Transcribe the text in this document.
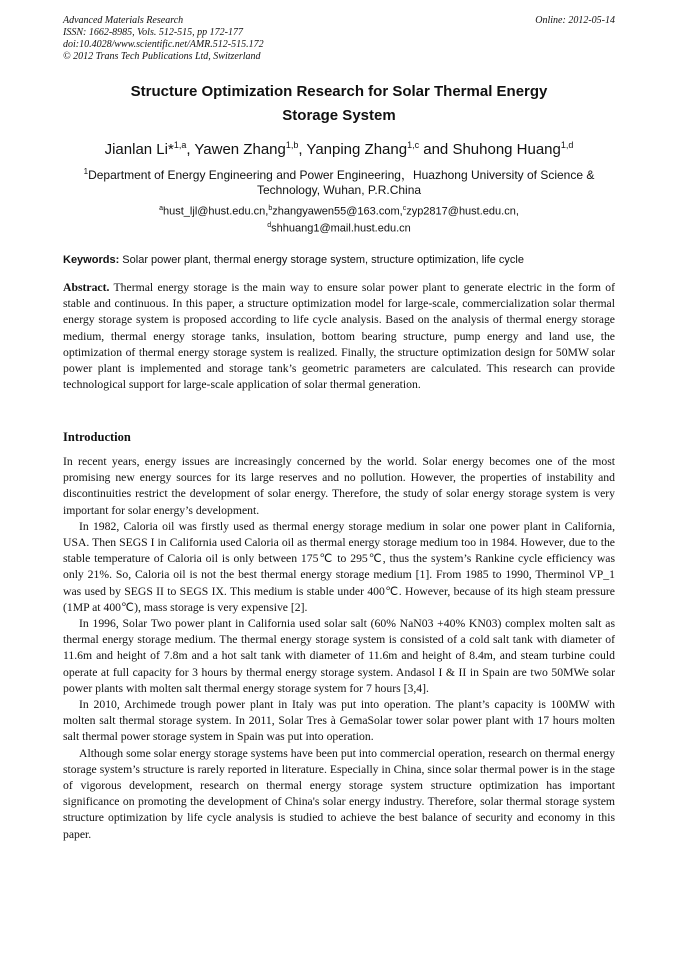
Advanced Materials Research
ISSN: 1662-8985, Vols. 512-515, pp 172-177
doi:10.4028/www.scientific.net/AMR.512-515.172
© 2012 Trans Tech Publications Ltd, Switzerland
Online: 2012-05-14
Structure Optimization Research for Solar Thermal Energy
Storage System
Jianlan Li*$^{1,a}$, Yawen Zhang$^{1,b}$, Yanping Zhang$^{1,c}$ and Shuhong Huang$^{1,d}$
$^1$Department of Energy Engineering and Power Engineering，Huazhong University of Science & Technology, Wuhan, P.R.China
$^a$hust_ljl@hust.edu.cn,$^b$zhangyawen55@163.com,$^c$zyp2817@hust.edu.cn,
$^d$shhuang1@mail.hust.edu.cn
Keywords: Solar power plant, thermal energy storage system, structure optimization, life cycle
Abstract. Thermal energy storage is the main way to ensure solar power plant to generate electric in the form of stable and continuous. In this paper, a structure optimization model for large-scale, commercialization solar thermal energy storage system is proposed according to life cycle analysis. Based on the analysis of thermal energy storage medium, thermal energy storage tanks, insulation, bottom bearing structure, pump energy and land use, the optimization of thermal energy storage system is realized. Finally, the structure optimization design for 50MW solar power plant is implemented and storage tank’s geometric parameters are calculated. This research can provide technological support for large-scale application of solar thermal generation.
Introduction

In recent years, energy issues are increasingly concerned by the world. Solar energy becomes one of the most promising new energy sources for its large reserves and no pollution. However, the properties of instability and discontinuities restrict the development of solar energy. Therefore, the study of solar energy storage system is very important for solar energy’s development.

In 1982, Caloria oil was firstly used as thermal energy storage medium in solar one power plant in California, USA. Then SEGS I in California used Caloria oil as thermal energy storage medium too in 1984. However, due to the stable temperature of Caloria oil is only between 175℃ to 295℃, thus the system’s Rankine cycle efficiency was only 21%. So, Caloria oil is not the best thermal energy storage medium [1]. From 1985 to 1990, Therminol VP_1 was used by SEGS II to SEGS IX. This medium is stable under 400℃. However, because of its high steam pressure (1MP at 400℃), mass storage is very expensive [2].

In 1996, Solar Two power plant in California used solar salt (60% NaN03 +40% KN03) complex molten salt as thermal energy storage medium. The thermal energy storage system is consisted of a cold salt tank with diameter of 11.6m and height of 7.8m and a hot salt tank with diameter of 11.6m and height of 8.4m, and steam turbine could operate at full capacity for 3 hours by thermal energy storage system. Andasol I & II in Spain are two 50MWe solar power plants with molten salt thermal energy storage system for 7 hours [3,4].

In 2010, Archimede trough power plant in Italy was put into operation. The plant’s capacity is 100MW with molten salt thermal storage system. In 2011, Solar Tres à GemaSolar tower solar power plant with 17 hours molten salt thermal power storage system in Spain was put into operation.

Although some solar energy storage systems have been put into commercial operation, research on thermal energy storage system’s structure is rarely reported in literature. Especially in China, since solar thermal power is in the stage of vigorous development, research on thermal energy storage system structure optimization has important significance on promoting the development of China's solar energy industry. Therefore, solar thermal storage system structure optimization by life cycle analysis is studied to achieve the best balance of security and economy in this paper.
